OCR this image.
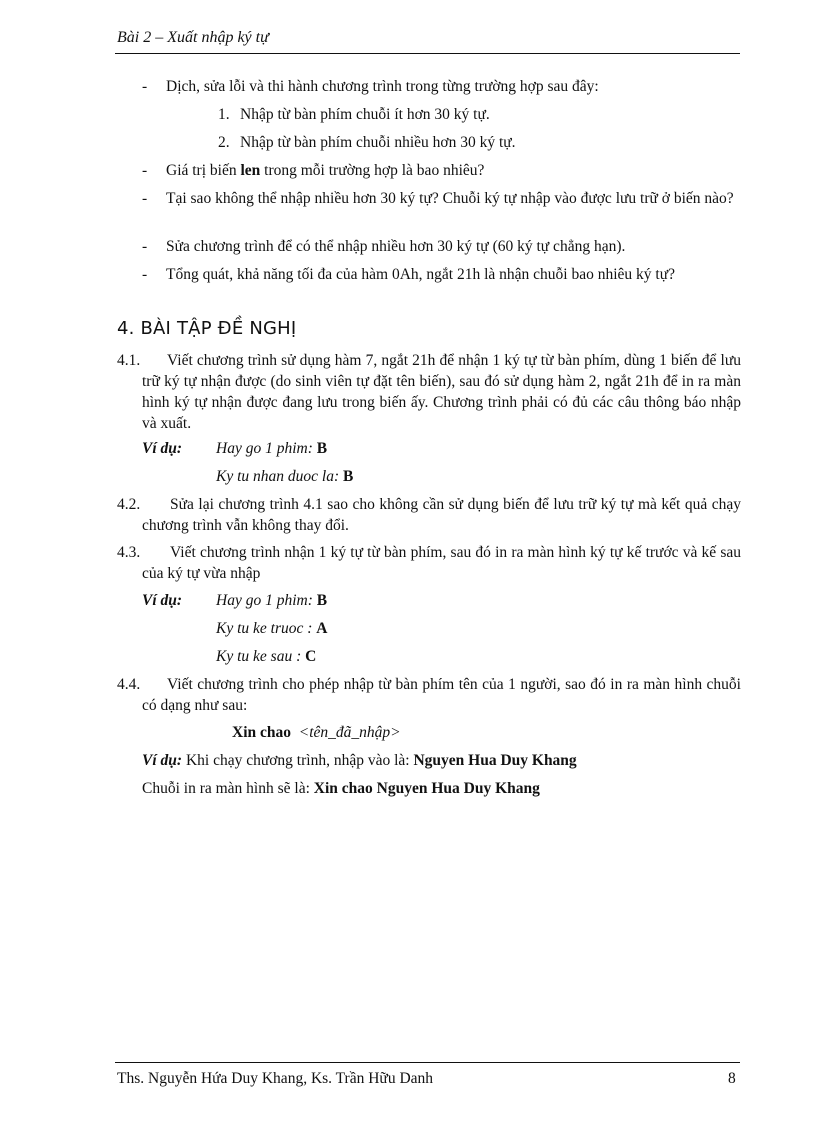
Bài 2 – Xuất nhập ký tự
- Dịch, sửa lỗi và thi hành chương trình trong từng trường hợp sau đây:
1. Nhập từ bàn phím chuỗi ít hơn 30 ký tự.
2. Nhập từ bàn phím chuỗi nhiều hơn 30 ký tự.
- Giá trị biến len trong mỗi trường hợp là bao nhiêu?
- Tại sao không thể nhập nhiều hơn 30 ký tự? Chuỗi ký tự nhập vào được lưu trữ ở biến nào?
- Sửa chương trình để có thể nhập nhiều hơn 30 ký tự (60 ký tự chẳng hạn).
- Tổng quát, khả năng tối đa của hàm 0Ah, ngắt 21h là nhận chuỗi bao nhiêu ký tự?
4. BÀI TẬP ĐỀ NGHỊ
4.1.	Viết chương trình sử dụng hàm 7, ngắt 21h để nhận 1 ký tự từ bàn phím, dùng 1 biến để lưu trữ ký tự nhận được (do sinh viên tự đặt tên biến), sau đó sử dụng hàm 2, ngắt 21h để in ra màn hình ký tự nhận được đang lưu trong biến ấy. Chương trình phải có đủ các câu thông báo nhập và xuất.
Ví dụ: Hay go 1 phim: B
Ky tu nhan duoc la: B
4.2.	Sửa lại chương trình 4.1 sao cho không cần sử dụng biến để lưu trữ ký tự mà kết quả chạy chương trình vẫn không thay đổi.
4.3.	Viết chương trình nhận 1 ký tự từ bàn phím, sau đó in ra màn hình ký tự kế trước và kế sau của ký tự vừa nhập
Ví dụ: Hay go 1 phim: B
Ky tu ke truoc : A
Ky tu ke sau : C
4.4.	Viết chương trình cho phép nhập từ bàn phím tên của 1 người, sao đó in ra màn hình chuỗi có dạng như sau:
Xin chao <tên_đã_nhập>
Ví dụ: Khi chạy chương trình, nhập vào là: Nguyen Hua Duy Khang
Chuỗi in ra màn hình sẽ là: Xin chao Nguyen Hua Duy Khang
Ths. Nguyễn Hứa Duy Khang, Ks. Trần Hữu Danh	8
